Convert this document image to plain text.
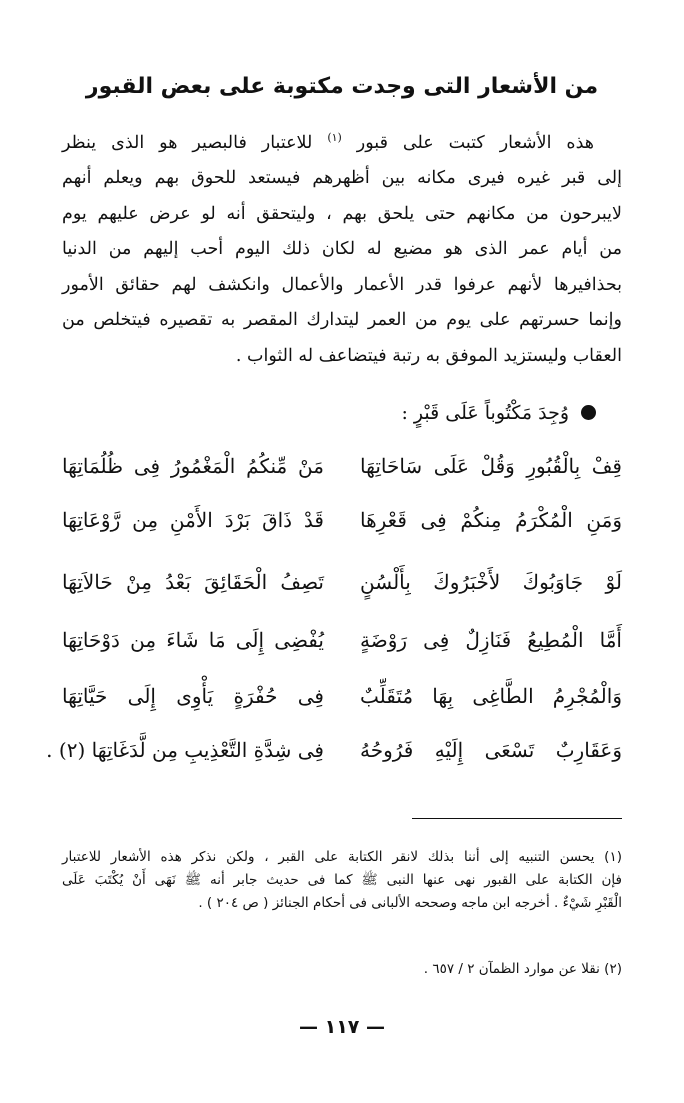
من الأشعار التى وجدت مكتوبة على بعض القبور
هذه الأشعار كتبت على قبور $^{(١)}$ للاعتبار فالبصير هو الذى ينظر
إلى قبر غيره فيرى مكانه بين أظهرهم فيستعد للحوق بهم ويعلم أنهم
لايبرحون من مكانهم حتى يلحق بهم ، وليتحقق أنه لو عرض عليهم يوم
من أيام عمر الذى هو مضيع له لكان ذلك اليوم أحب إليهم من الدنيا
بحذافيرها لأنهم عرفوا قدر الأعمار والأعمال وانكشف لهم حقائق الأمور
وإنما حسرتهم على يوم من العمر ليتدارك المقصر به تقصيره فيتخلص من
العقاب وليستزيد الموفق به رتبة فيتضاعف له الثواب .
وُجِدَ مَكْتُوباً عَلَى قَبْرٍ :
قِفْ بِالْقُبُورِ وَقُلْ عَلَى سَاحَاتِهَا
مَنْ مِّنكُمُ الْمَغْمُورُ فِى ظُلُمَاتِهَا
وَمَنِ الْمُكْرَمُ مِنكُمْ فِى قَعْرِهَا
قَدْ ذَاقَ بَرْدَ الأَمْنِ مِن رَّوْعَاتِهَا
لَوْ جَاوَبُوكَ لأَخْبَرُوكَ بِأَلْسُنٍ
تَصِفُ الْحَقَائِقَ بَعْدُ مِنْ حَالاَتِهَا
أَمَّا الْمُطِيعُ فَنَازِلٌ فِى رَوْضَةٍ
يُفْضِى إِلَى مَا شَاءَ مِن دَوْحَاتِهَا
وَالْمُجْرِمُ الطَّاغِى بِهَا مُتَقَلِّبٌ
فِى حُفْرَةٍ يَأْوِى إِلَى حَيَّاتِهَا
وَعَقَارِبٌ تَسْعَى إِلَيْهِ فَرُوحُهُ
فِى شِدَّةِ التَّعْذِيبِ مِن لَّدَغَاتِهَا (٢) .
(١) يحسن التنبيه إلى أننا بذلك لانقر الكتابة على القبر ، ولكن نذكر هذه الأشعار للاعتبار
فإن الكتابة على القبور نهى عنها النبى ﷺ كما فى حديث جابر أنه ﷺ نَهَى أَنْ يُكْتَبَ عَلَى
الْقَبْرِ شَيْءٌ . أخرجه ابن ماجه وصححه الألبانى فى أحكام الجنائز ( ص ٢٠٤ ) .
(٢) نقلا عن موارد الظمآن ٢ / ٦٥٧ .
— ١١٧ —
